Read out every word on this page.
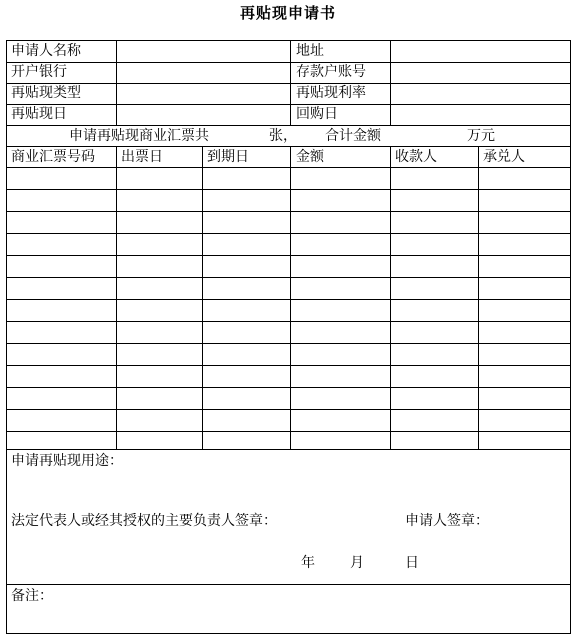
再贴现申请书
申请人名称	地址
开户银行	存款户账号
再贴现类型	再贴现利率
再贴现日	回购日
申请再贴现商业汇票共	张， 合计金额	万元
商业汇票号码 出票日	到期日	金额	收款人	承兑人
申请再贴现用途：
法定代表人或经其授权的主要负责人签章：	申请人签章：
年	月	日
备注：
